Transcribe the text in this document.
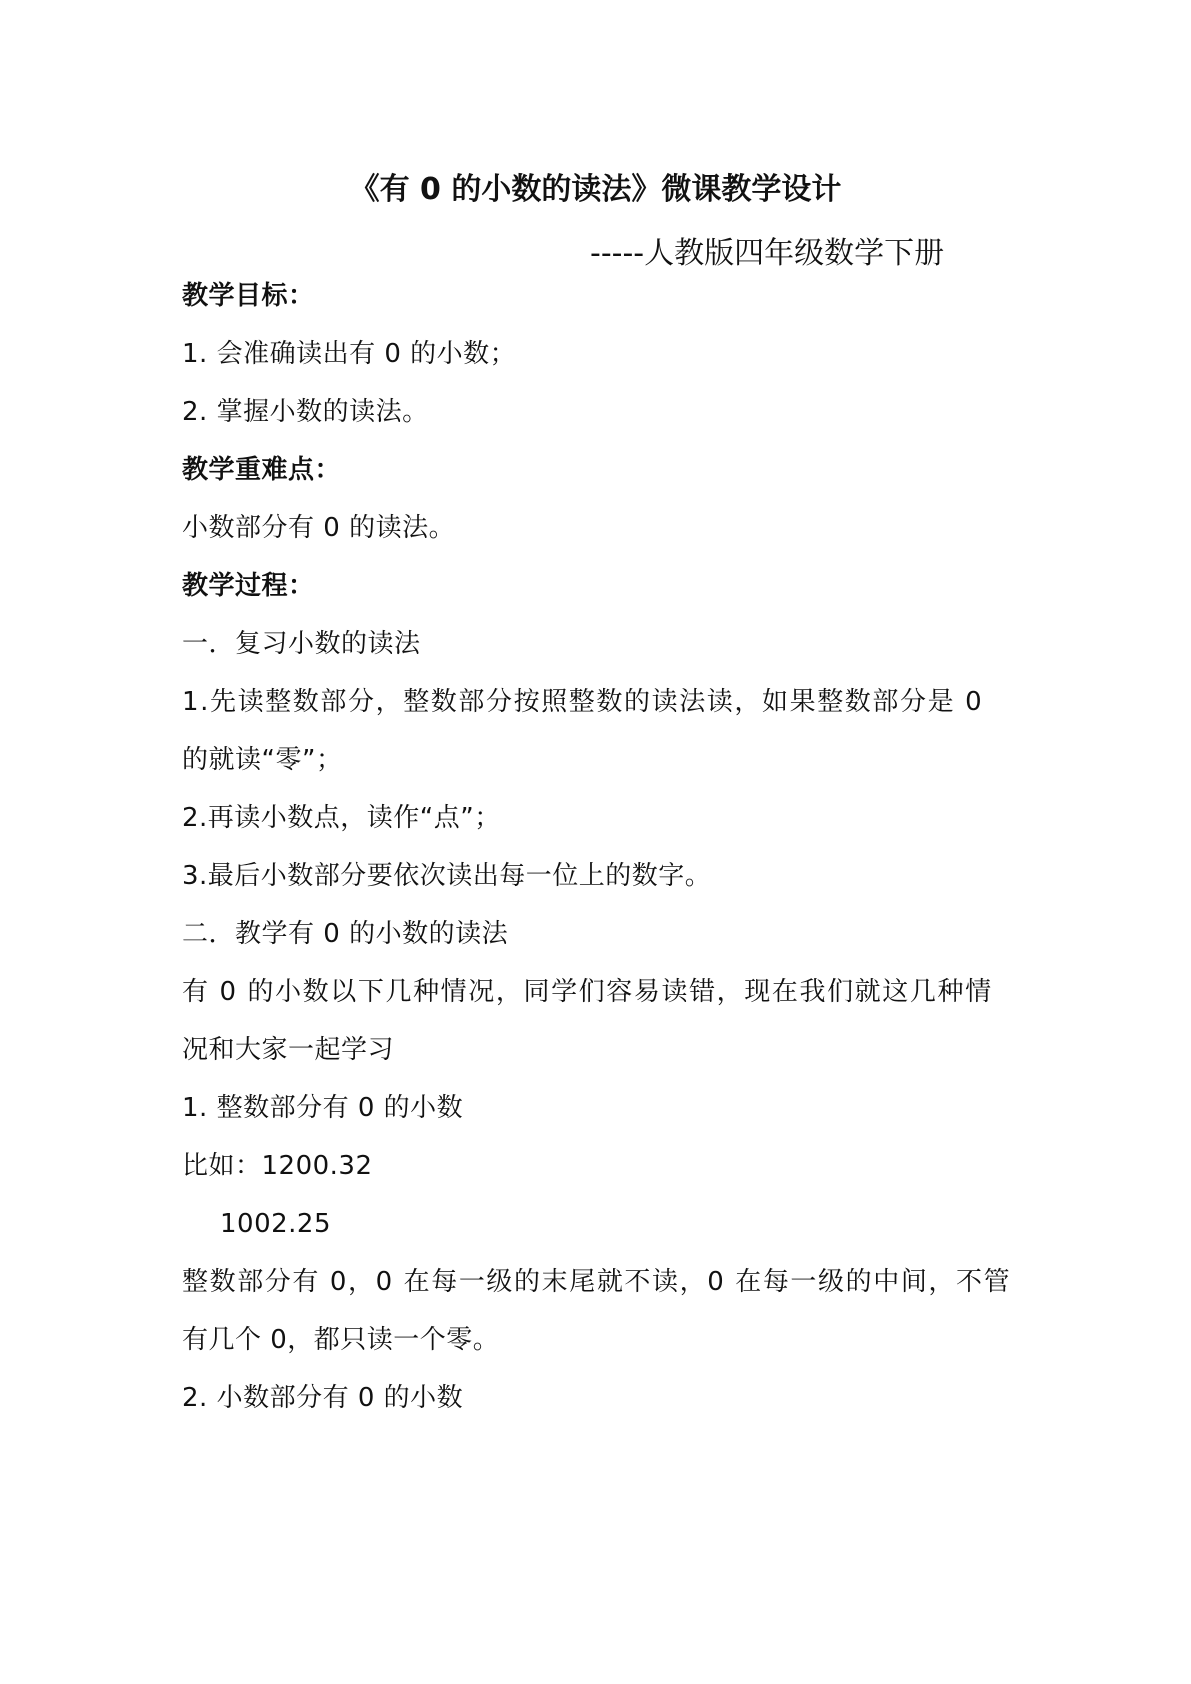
《有 0 的小数的读法》微课教学设计
-----人教版四年级数学下册
教学目标：
1. 会准确读出有 0 的小数；
2. 掌握小数的读法。
教学重难点：
小数部分有 0 的读法。
教学过程：
一．复习小数的读法
1.先读整数部分，整数部分按照整数的读法读，如果整数部分是 0
的就读“零”；
2.再读小数点，读作“点”；
3.最后小数部分要依次读出每一位上的数字。
二．教学有 0 的小数的读法
有 0 的小数以下几种情况，同学们容易读错，现在我们就这几种情
况和大家一起学习
1. 整数部分有 0 的小数
比如：1200.32
1002.25
整数部分有 0，0 在每一级的末尾就不读，0 在每一级的中间，不管
有几个 0，都只读一个零。
2. 小数部分有 0 的小数
